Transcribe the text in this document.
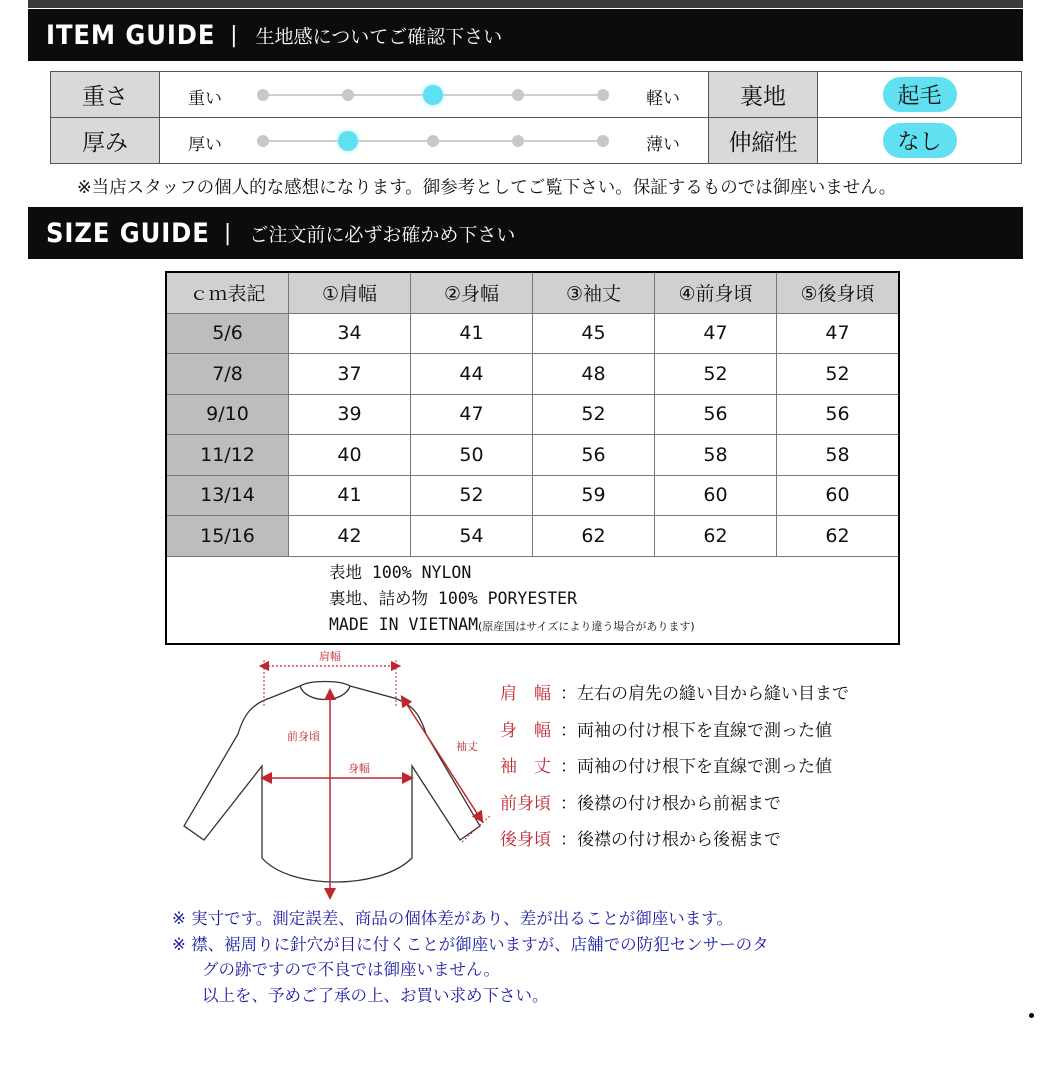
ITEM GUIDE | 生地感についてご確認下さい
重さ	重い 軽い	裏地	起毛
厚み	厚い 薄い	伸縮性	なし
※当店スタッフの個人的な感想になります。御参考としてご覧下さい。保証するものでは御座いません。
SIZE GUIDE | ご注文前に必ずお確かめ下さい
ｃｍ表記	①肩幅	②身幅	③袖丈	④前身頃	⑤後身頃
5/6	34	41	45	47	47
7/8	37	44	48	52	52
9/10	39	47	52	56	56
11/12	40	50	56	58	58
13/14	41	52	59	60	60
15/16	42	54	62	62	62

表地 100% NYLON
裏地、詰め物 100% PORYESTER
MADE IN VIETNAM(原産国はサイズにより違う場合があります)					
肩幅
前身頃
袖丈
身幅
肩　幅 ：左右の肩先の縫い目から縫い目まで
身　幅 ：両袖の付け根下を直線で測った値
袖　丈 ：両袖の付け根下を直線で測った値
前身頃 ：後襟の付け根から前裾まで
後身頃 ：後襟の付け根から後裾まで
※ 実寸です。測定誤差、商品の個体差があり、差が出ることが御座います。
※ 襟、裾周りに針穴が目に付くことが御座いますが、店舗での防犯センサーのタ
グの跡ですので不良では御座いません。
以上を、予めご了承の上、お買い求め下さい。
